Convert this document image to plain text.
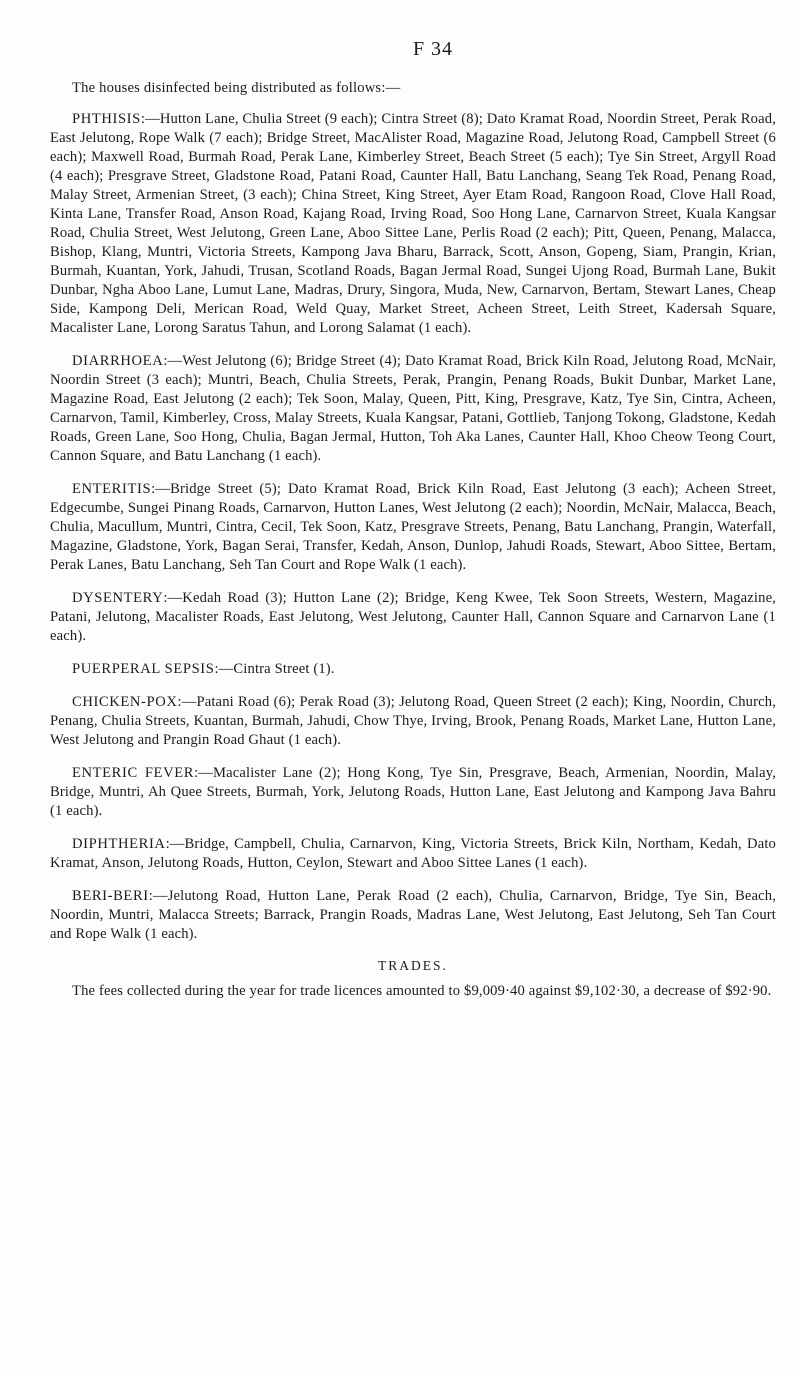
F 34

The houses disinfected being distributed as follows:—

PHTHISIS:—Hutton Lane, Chulia Street (9 each); Cintra Street (8); Dato Kramat Road, Noordin Street, Perak Road, East Jelutong, Rope Walk (7 each); Bridge Street, MacAlister Road, Magazine Road, Jelutong Road, Campbell Street (6 each); Maxwell Road, Burmah Road, Perak Lane, Kimberley Street, Beach Street (5 each); Tye Sin Street, Argyll Road (4 each); Presgrave Street, Gladstone Road, Patani Road, Caunter Hall, Batu Lanchang, Seang Tek Road, Penang Road, Malay Street, Armenian Street, (3 each); China Street, King Street, Ayer Etam Road, Rangoon Road, Clove Hall Road, Kinta Lane, Transfer Road, Anson Road, Kajang Road, Irving Road, Soo Hong Lane, Carnarvon Street, Kuala Kangsar Road, Chulia Street, West Jelutong, Green Lane, Aboo Sittee Lane, Perlis Road (2 each); Pitt, Queen, Penang, Malacca, Bishop, Klang, Muntri, Victoria Streets, Kampong Java Bharu, Barrack, Scott, Anson, Gopeng, Siam, Prangin, Krian, Burmah, Kuantan, York, Jahudi, Trusan, Scotland Roads, Bagan Jermal Road, Sungei Ujong Road, Burmah Lane, Bukit Dunbar, Ngha Aboo Lane, Lumut Lane, Madras, Drury, Singora, Muda, New, Carnarvon, Bertam, Stewart Lanes, Cheap Side, Kampong Deli, Merican Road, Weld Quay, Market Street, Acheen Street, Leith Street, Kadersah Square, Macalister Lane, Lorong Saratus Tahun, and Lorong Salamat (1 each).

DIARRHOEA:—West Jelutong (6); Bridge Street (4); Dato Kramat Road, Brick Kiln Road, Jelutong Road, McNair, Noordin Street (3 each); Muntri, Beach, Chulia Streets, Perak, Prangin, Penang Roads, Bukit Dunbar, Market Lane, Magazine Road, East Jelutong (2 each); Tek Soon, Malay, Queen, Pitt, King, Presgrave, Katz, Tye Sin, Cintra, Acheen, Carnarvon, Tamil, Kimberley, Cross, Malay Streets, Kuala Kangsar, Patani, Gottlieb, Tanjong Tokong, Gladstone, Kedah Roads, Green Lane, Soo Hong, Chulia, Bagan Jermal, Hutton, Toh Aka Lanes, Caunter Hall, Khoo Cheow Teong Court, Cannon Square, and Batu Lanchang (1 each).

ENTERITIS:—Bridge Street (5); Dato Kramat Road, Brick Kiln Road, East Jelutong (3 each); Acheen Street, Edgecumbe, Sungei Pinang Roads, Carnarvon, Hutton Lanes, West Jelutong (2 each); Noordin, McNair, Malacca, Beach, Chulia, Macullum, Muntri, Cintra, Cecil, Tek Soon, Katz, Presgrave Streets, Penang, Batu Lanchang, Prangin, Waterfall, Magazine, Gladstone, York, Bagan Serai, Transfer, Kedah, Anson, Dunlop, Jahudi Roads, Stewart, Aboo Sittee, Bertam, Perak Lanes, Batu Lanchang, Seh Tan Court and Rope Walk (1 each).

DYSENTERY:—Kedah Road (3); Hutton Lane (2); Bridge, Keng Kwee, Tek Soon Streets, Western, Magazine, Patani, Jelutong, Macalister Roads, East Jelutong, West Jelutong, Caunter Hall, Cannon Square and Carnarvon Lane (1 each).

PUERPERAL SEPSIS:—Cintra Street (1).

CHICKEN-POX:—Patani Road (6); Perak Road (3); Jelutong Road, Queen Street (2 each); King, Noordin, Church, Penang, Chulia Streets, Kuantan, Burmah, Jahudi, Chow Thye, Irving, Brook, Penang Roads, Market Lane, Hutton Lane, West Jelutong and Prangin Road Ghaut (1 each).

ENTERIC FEVER:—Macalister Lane (2); Hong Kong, Tye Sin, Presgrave, Beach, Armenian, Noordin, Malay, Bridge, Muntri, Ah Quee Streets, Burmah, York, Jelutong Roads, Hutton Lane, East Jelutong and Kampong Java Bahru (1 each).

DIPHTHERIA:—Bridge, Campbell, Chulia, Carnarvon, King, Victoria Streets, Brick Kiln, Northam, Kedah, Dato Kramat, Anson, Jelutong Roads, Hutton, Ceylon, Stewart and Aboo Sittee Lanes (1 each).

BERI-BERI:—Jelutong Road, Hutton Lane, Perak Road (2 each), Chulia, Carnarvon, Bridge, Tye Sin, Beach, Noordin, Muntri, Malacca Streets; Barrack, Prangin Roads, Madras Lane, West Jelutong, East Jelutong, Seh Tan Court and Rope Walk (1 each).

TRADES.

The fees collected during the year for trade licences amounted to $9,009·40 against $9,102·30, a decrease of $92·90.
